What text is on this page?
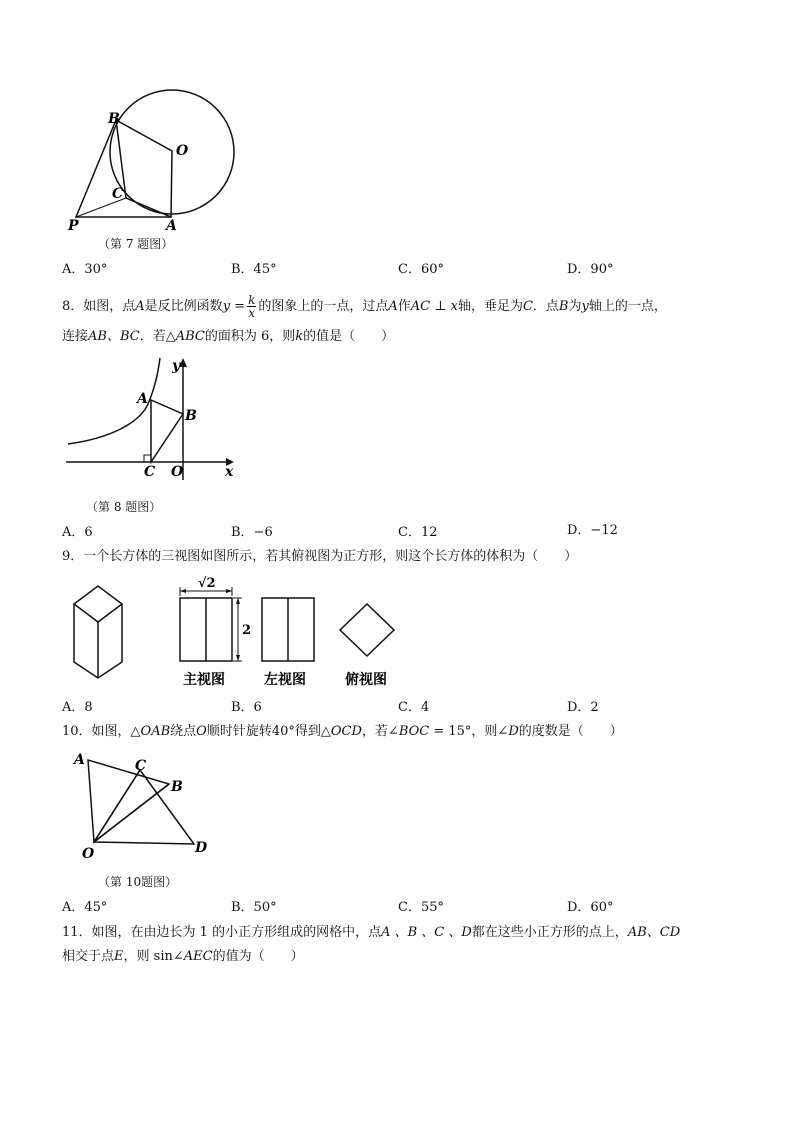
B
O
C
P	A
（第 7 题图）
A．30°	B．45°	C．60°	D．90°
8．如图，点A是反比例函数$y = \frac{k}{x}$ 的图象上的一点，过点A作AC ⊥ x轴，垂足为C．点B为y轴上的一点，
连接AB、BC．若△ABC的面积为 6，则k的值是（　　）
y
A
B
C O	x
（第 8 题图）
A．6	B．−6	C．12	D．−12
9．一个长方体的三视图如图所示，若其俯视图为正方形，则这个长方体的体积为（　　）
√2
2
主视图	左视图	俯视图
A．8	B．6	C．4	D．2
10．如图，△OAB绕点O顺时针旋转40°得到△OCD，若∠BOC = 15°，则∠D的度数是（　　）
A	C
B
O	D
（第 10题图）
A．45°	B．50°	C．55°	D．60°
11．如图，在由边长为 1 的小正方形组成的网格中，点A 、B 、C 、D都在这些小正方形的点上，AB、CD
相交于点E，则 sin∠AEC的值为（　　）
